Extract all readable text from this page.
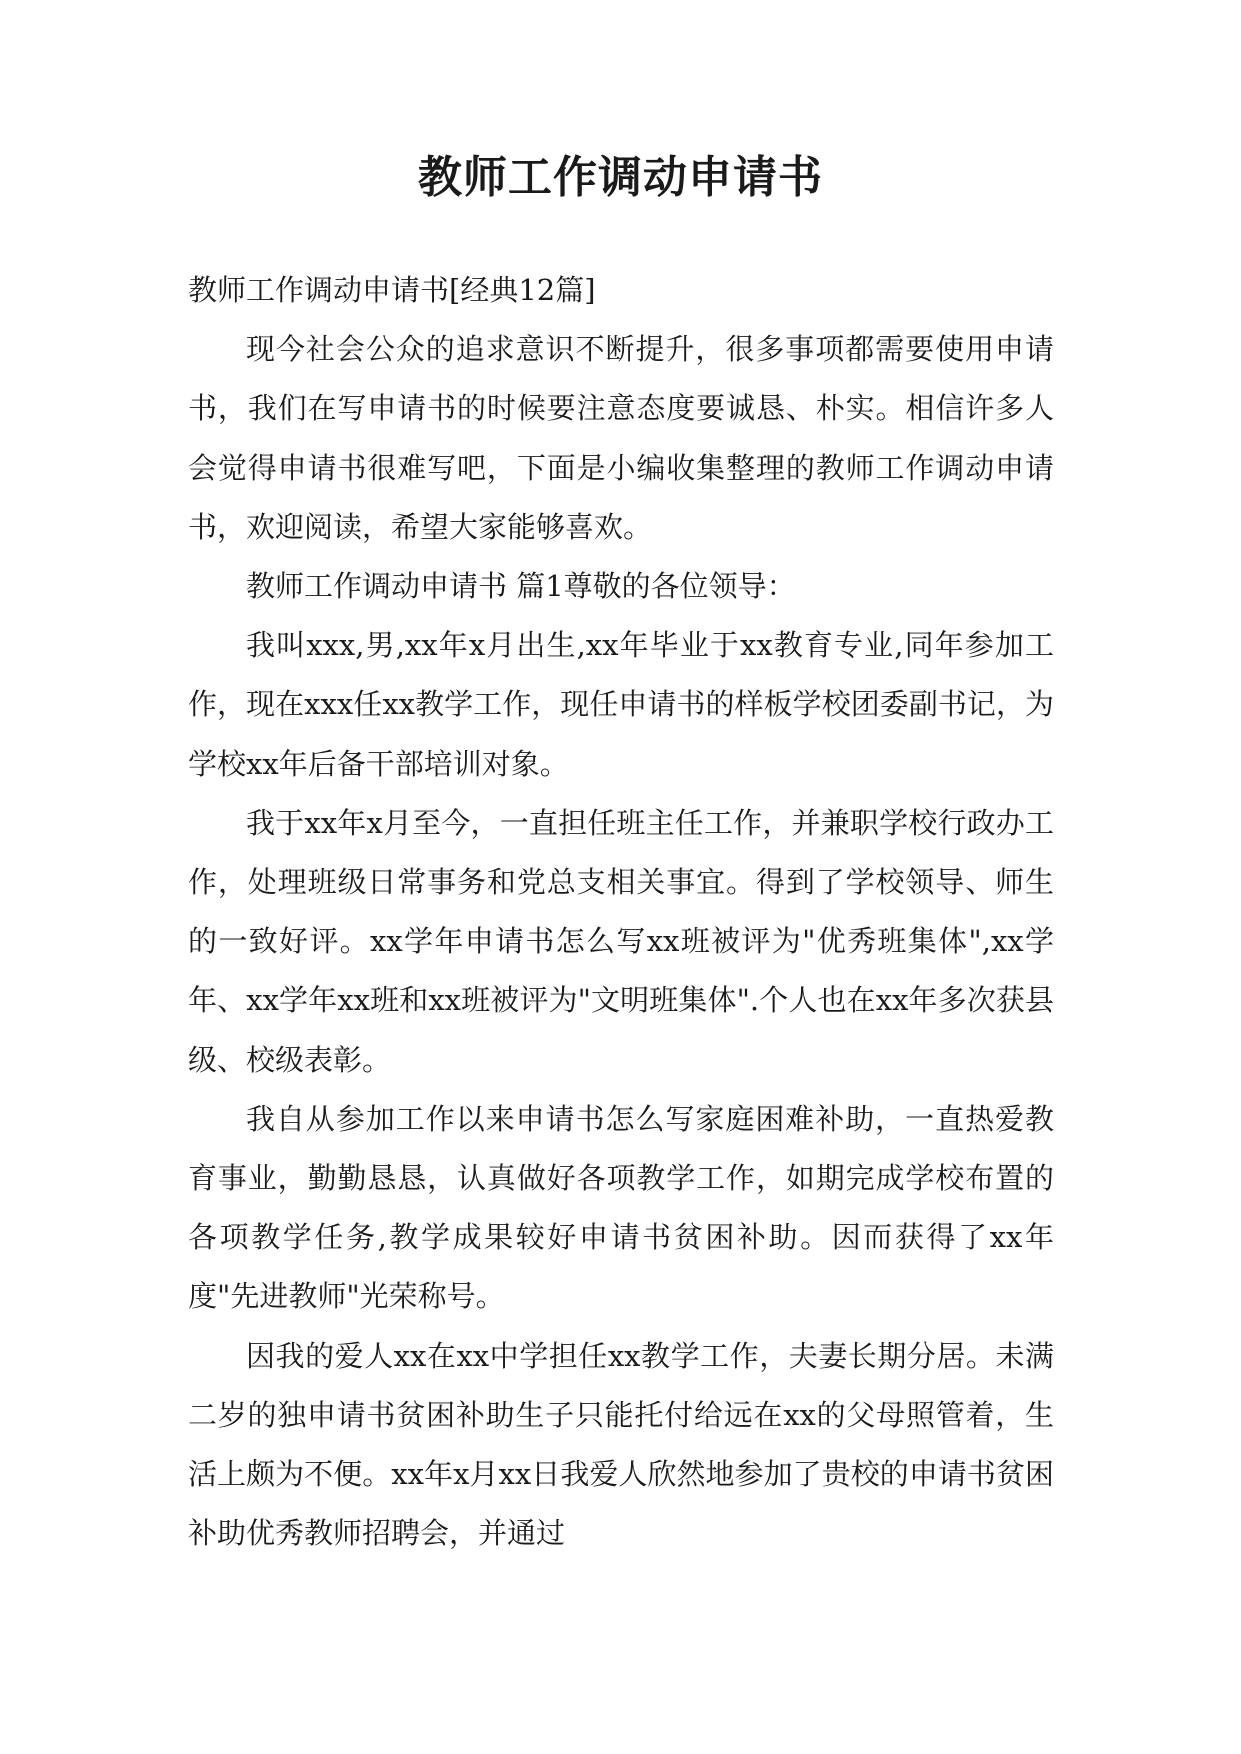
教师工作调动申请书

教师工作调动申请书[经典12篇]

现今社会公众的追求意识不断提升，很多事项都需要使用申请书，我们在写申请书的时候要注意态度要诚恳、朴实。相信许多人会觉得申请书很难写吧，下面是小编收集整理的教师工作调动申请书，欢迎阅读，希望大家能够喜欢。

教师工作调动申请书 篇1尊敬的各位领导：

我叫xxx,男,xx年x月出生,xx年毕业于xx教育专业,同年参加工作，现在xxx任xx教学工作，现任申请书的样板学校团委副书记，为学校xx年后备干部培训对象。

我于xx年x月至今，一直担任班主任工作，并兼职学校行政办工作，处理班级日常事务和党总支相关事宜。得到了学校领导、师生的一致好评。xx学年申请书怎么写xx班被评为"优秀班集体",xx学年、xx学年xx班和xx班被评为"文明班集体".个人也在xx年多次获县级、校级表彰。

我自从参加工作以来申请书怎么写家庭困难补助，一直热爱教育事业，勤勤恳恳，认真做好各项教学工作，如期完成学校布置的各项教学任务,教学成果较好申请书贫困补助。因而获得了xx年度"先进教师"光荣称号。

因我的爱人xx在xx中学担任xx教学工作，夫妻长期分居。未满二岁的独申请书贫困补助生子只能托付给远在xx的父母照管着，生活上颇为不便。xx年x月xx日我爱人欣然地参加了贵校的申请书贫困补助优秀教师招聘会，并通过
